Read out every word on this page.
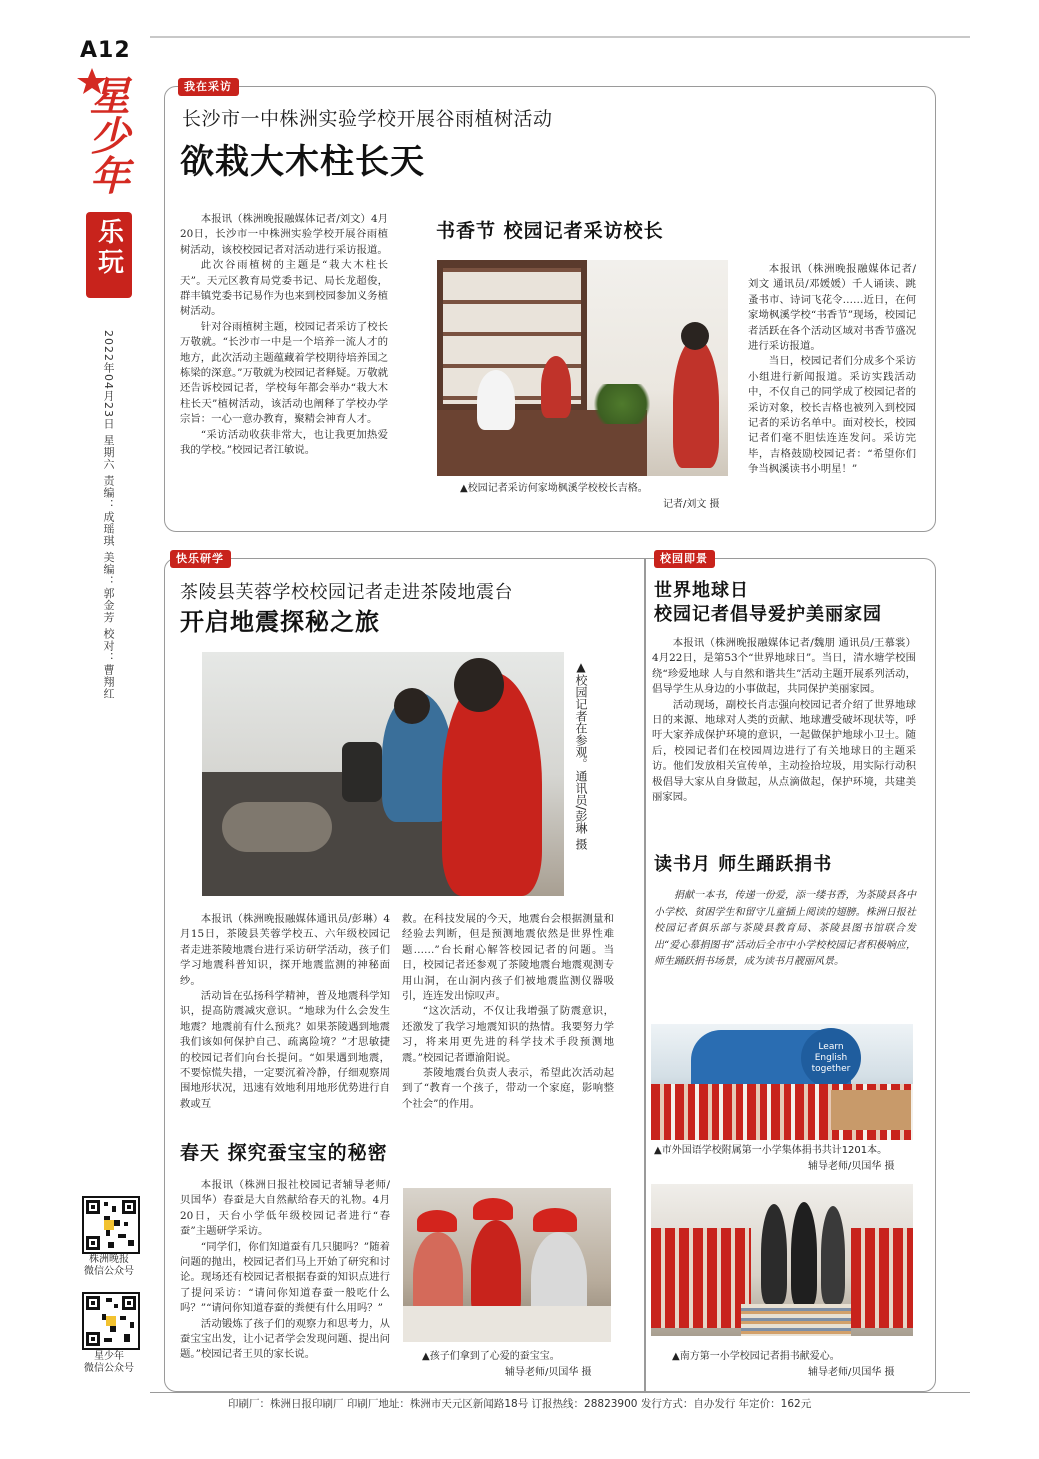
A12
星
少
年
乐玩
2022年04月23日 星期六 责编：成瑶琪 美编：郭金芳 校对：曹翔红
株洲晚报
微信公众号
星少年
微信公众号
我在采访
长沙市一中株洲实验学校开展谷雨植树活动
欲栽大木柱长天

本报讯（株洲晚报融媒体记者/刘文）4月20日，长沙市一中株洲实验学校开展谷雨植树活动，该校校园记者对活动进行采访报道。

此次谷雨植树的主题是“栽大木柱长天”。天元区教育局党委书记、局长龙超俊，群丰镇党委书记易作为也来到校园参加义务植树活动。

针对谷雨植树主题，校园记者采访了校长万敬就。“长沙市一中是一个培养一流人才的地方，此次活动主题蕴藏着学校期待培养国之栋梁的深意。”万敬就为校园记者释疑。万敬就还告诉校园记者，学校每年都会举办“栽大木柱长天”植树活动，该活动也阐释了学校办学宗旨：一心一意办教育，聚精会神育人才。

“采访活动收获非常大，也让我更加热爱我的学校。”校园记者江敏说。

书香节 校园记者采访校长
▲校园记者采访何家坳枫溪学校校长吉格。
记者/刘文 摄

本报讯（株洲晚报融媒体记者/刘文 通讯员/邓媛媛）千人诵读、跳蚤书市、诗词飞花令……近日，在何家坳枫溪学校“书香节”现场，校园记者活跃在各个活动区域对书香节盛况进行采访报道。

当日，校园记者们分成多个采访小组进行新闻报道。采访实践活动中，不仅自己的同学成了校园记者的采访对象，校长吉格也被列入到校园记者的采访名单中。面对校长，校园记者们毫不胆怯连连发问。采访完毕，吉格鼓励校园记者：“希望你们争当枫溪读书小明星！”

快乐研学
茶陵县芙蓉学校校园记者走进茶陵地震台
开启地震探秘之旅
▲校园记者在参观。通讯员/彭琳 摄

本报讯（株洲晚报融媒体通讯员/彭琳）4月15日，茶陵县芙蓉学校五、六年级校园记者走进茶陵地震台进行采访研学活动，孩子们学习地震科普知识，探开地震监测的神秘面纱。

活动旨在弘扬科学精神，普及地震科学知识，提高防震减灾意识。“地球为什么会发生地震？地震前有什么预兆？如果茶陵遇到地震我们该如何保护自己、疏离险境？”才思敏捷的校园记者们向台长提问。“如果遇到地震，不要惊慌失措，一定要沉着冷静，仔细观察周围地形状况，迅速有效地利用地形优势进行自救或互

救。在科技发展的今天，地震台会根据测量和经验去判断，但是预测地震依然是世界性难题……”台长耐心解答校园记者的问题。当日，校园记者还参观了茶陵地震台地震观测专用山洞，在山洞内孩子们被地震监测仪器吸引，连连发出惊叹声。

“这次活动，不仅让我增强了防震意识，还激发了我学习地震知识的热情。我要努力学习，将来用更先进的科学技术手段预测地震。”校园记者谭渝阳说。

茶陵地震台负责人表示，希望此次活动起到了“教育一个孩子，带动一个家庭，影响整个社会”的作用。

春天 探究蚕宝宝的秘密

本报讯（株洲日报社校园记者辅导老师/贝国华）春蚕是大自然献给春天的礼物。4月20日，天台小学低年级校园记者进行“春蚕”主题研学采访。

“同学们，你们知道蚕有几只腿吗？”随着问题的抛出，校园记者们马上开始了研究和讨论。现场还有校园记者根据春蚕的知识点进行了提问采访：“请问你知道春蚕一般吃什么吗？”“请问你知道春蚕的粪便有什么用吗？”

活动锻炼了孩子们的观察力和思考力，从蚕宝宝出发，让小记者学会发现问题、提出问题。”校园记者王贝的家长说。	▲孩子们拿到了心爱的蚕宝宝。
辅导老师/贝国华 摄
校园即景
世界地球日
校园记者倡导爱护美丽家园

本报讯（株洲晚报融媒体记者/魏朋 通讯员/王慕裳）4月22日，是第53个“世界地球日”。当日，清水塘学校围绕“珍爱地球 人与自然和谐共生”活动主题开展系列活动，倡导学生从身边的小事做起，共同保护美丽家园。

活动现场，副校长肖志强向校园记者介绍了世界地球日的来源、地球对人类的贡献、地球遭受破坏现状等，呼吁大家养成保护环境的意识，一起做保护地球小卫士。随后，校园记者们在校园周边进行了有关地球日的主题采访。他们发放相关宣传单，主动捡拾垃圾，用实际行动积极倡导大家从自身做起，从点滴做起，保护环境，共建美丽家园。

读书月 师生踊跃捐书

捐献一本书，传递一份爱，添一缕书香，为茶陵县各中小学校、贫困学生和留守儿童插上阅读的翅膀。株洲日报社校园记者俱乐部与茶陵县教育局、茶陵县图书馆联合发出“爱心慕捐图书”活动后全市中小学校校园记者积极响应，师生踊跃捐书场景，成为读书月靓丽风景。

Learn English together
▲市外国语学校附属第一小学集体捐书共计1201本。
辅导老师/贝国华 摄
▲南方第一小学校园记者捐书献爱心。
辅导老师/贝国华 摄
印刷厂：株洲日报印刷厂 印刷厂地址：株洲市天元区新闻路18号 订报热线：28823900 发行方式：自办发行 年定价：162元
